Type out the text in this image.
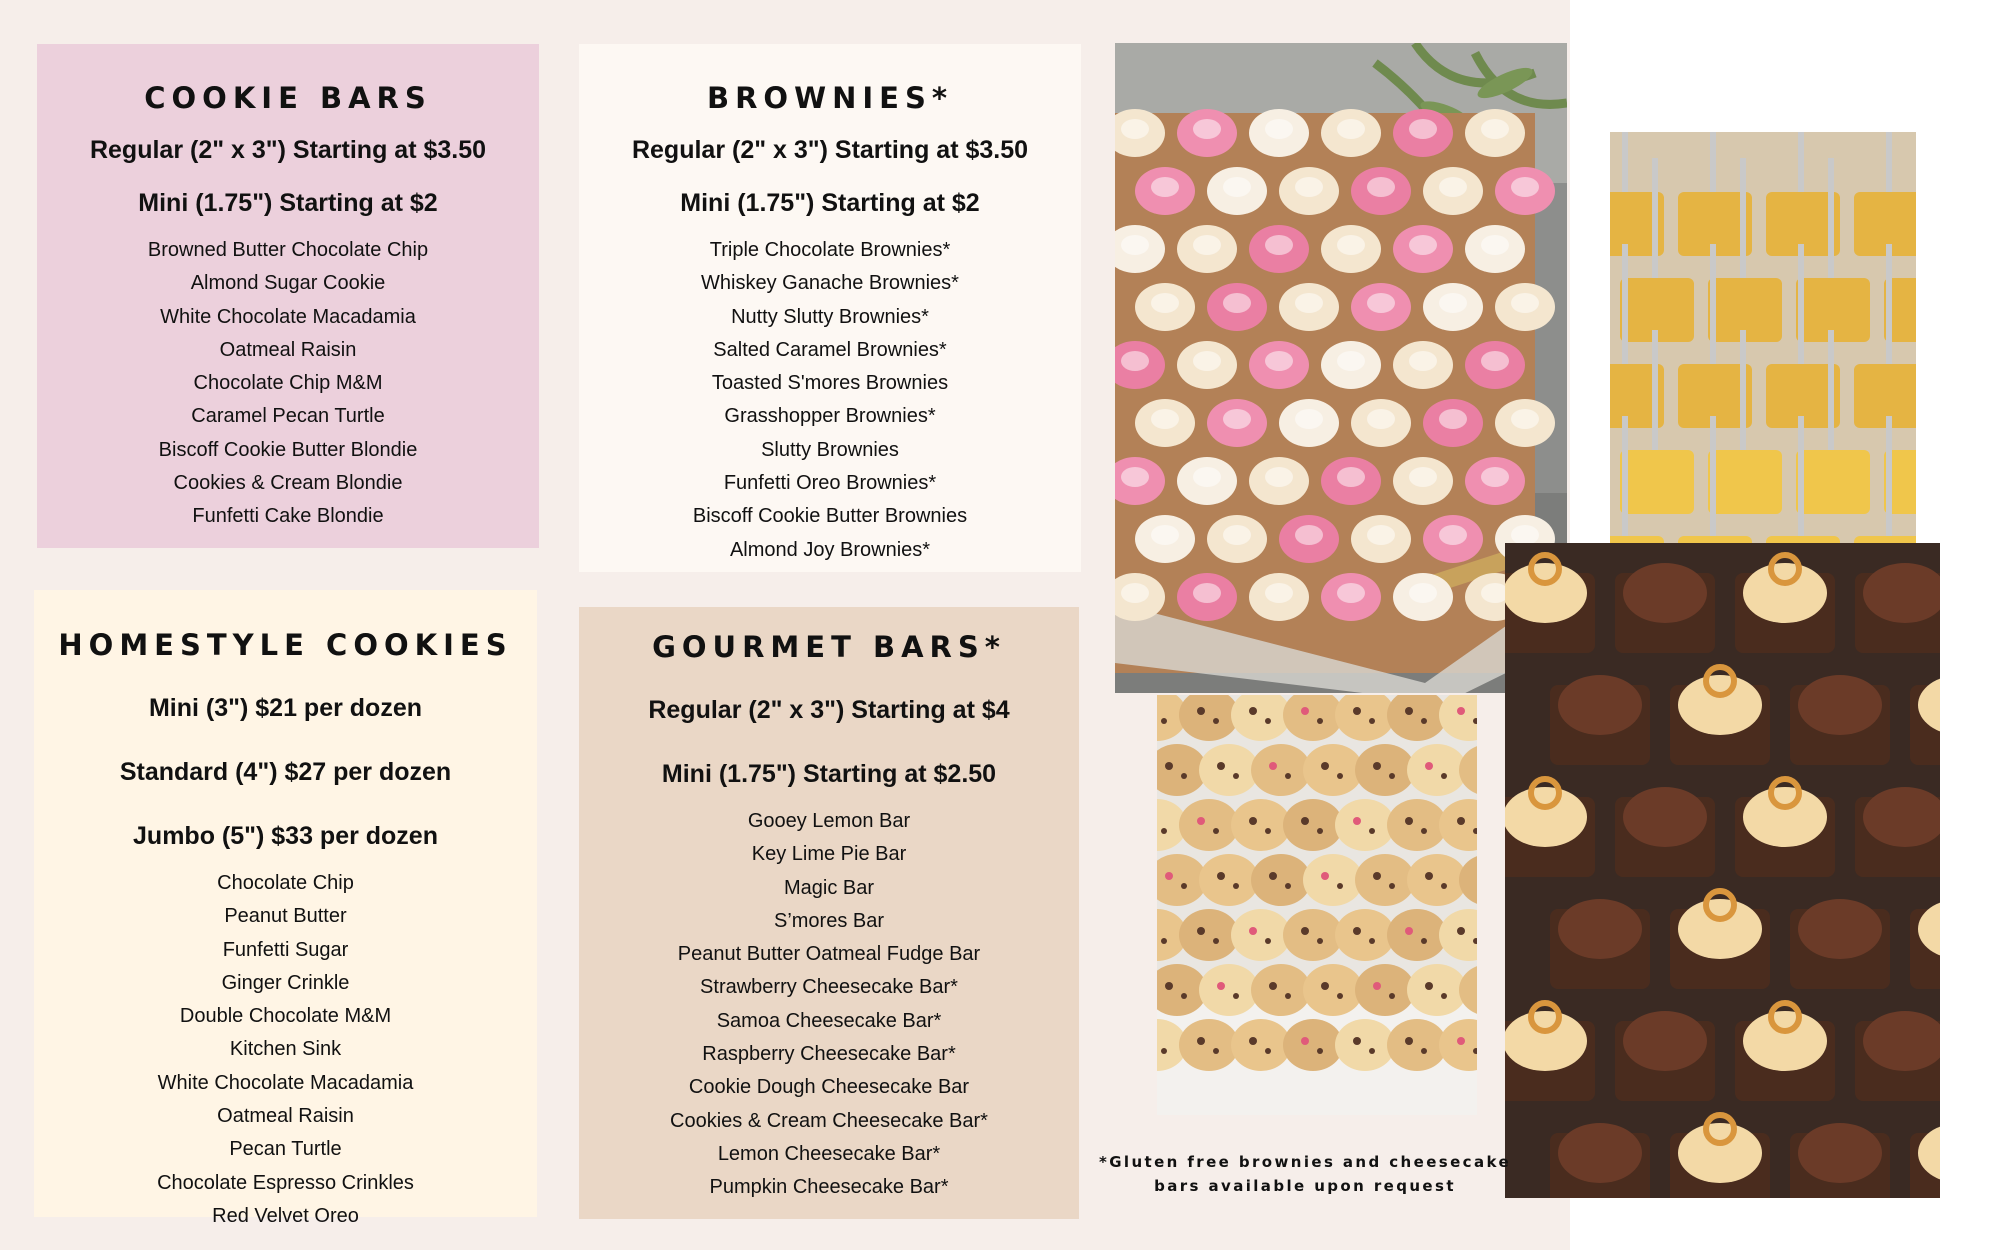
COOKIE BARS
Regular (2" x 3") Starting at $3.50
Mini (1.75") Starting at $2
Browned Butter Chocolate Chip
Almond Sugar Cookie
White Chocolate Macadamia
Oatmeal Raisin
Chocolate Chip M&M
Caramel Pecan Turtle
Biscoff Cookie Butter Blondie
Cookies & Cream Blondie
Funfetti Cake Blondie
BROWNIES*
Regular (2" x 3") Starting at $3.50
Mini (1.75") Starting at $2
Triple Chocolate Brownies*
Whiskey Ganache Brownies*
Nutty Slutty Brownies*
Salted Caramel Brownies*
Toasted S'mores Brownies
Grasshopper Brownies*
Slutty Brownies
Funfetti Oreo Brownies*
Biscoff Cookie Butter Brownies
Almond Joy Brownies*
HOMESTYLE COOKIES
Mini (3") $21 per dozen
Standard (4") $27 per dozen
Jumbo (5") $33 per dozen
Chocolate Chip
Peanut Butter
Funfetti Sugar
Ginger Crinkle
Double Chocolate M&M
Kitchen Sink
White Chocolate Macadamia
Oatmeal Raisin
Pecan Turtle
Chocolate Espresso Crinkles
Red Velvet Oreo
GOURMET BARS*
Regular (2" x 3") Starting at $4
Mini (1.75") Starting at $2.50
Gooey Lemon Bar
Key Lime Pie Bar
Magic Bar
S’mores Bar
Peanut Butter Oatmeal Fudge Bar
Strawberry Cheesecake Bar*
Samoa Cheesecake Bar*
Raspberry Cheesecake Bar*
Cookie Dough Cheesecake Bar
Cookies & Cream Cheesecake Bar*
Lemon Cheesecake Bar*
Pumpkin Cheesecake Bar*
*Gluten free brownies and cheesecake
bars available upon request
